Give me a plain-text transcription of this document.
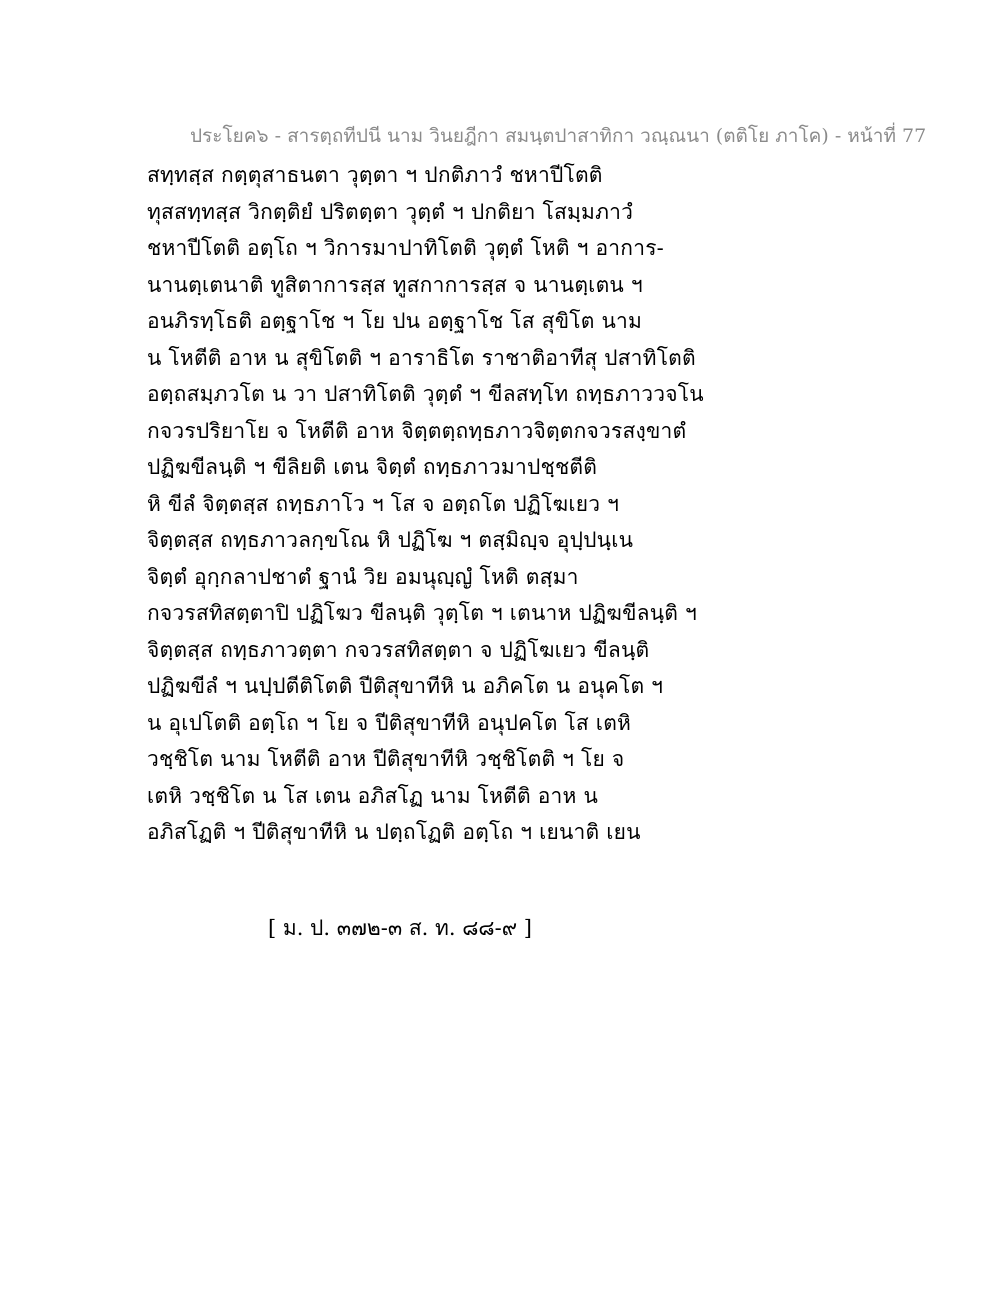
ประโยค๖ - สารตฺถทีปนี นาม วินยฎีกา สมนฺตปาสาทิกา วณฺณนา (ตติโย ภาโค) - หน้าที่ 77
สทฺทสฺส กตฺตุสาธนตา วุตฺตา ฯ ปกติภาวํ ชหาปีโตติ
ทุสสทฺทสฺส วิกตฺติยํ ปริตตฺตา วุตฺตํ ฯ ปกติยา โสมฺมภาวํ
ชหาปีโตติ อตฺโถ ฯ วิการมาปาทิโตติ วุตฺตํ โหติ ฯ อาการ-
นานตฺเตนาติ ทูสิตาการสฺส ทูสกาการสฺส จ นานตฺเตน ฯ
อนภิรทฺโธติ อตฺฐาโช ฯ โย ปน อตฺฐาโช โส สุขิโต นาม
น โหตีติ อาห น สุขิโตติ ฯ อาราธิโต ราชาติอาทีสุ ปสาทิโตติ
อตฺถสมฺภวโต น วา ปสาทิโตติ วุตฺตํ ฯ ขีลสทฺโท ถทฺธภาววจโน
กจวรปริยาโย จ โหตีติ อาห จิตฺตตฺถทฺธภาวจิตฺตกจวรสงฺขาตํ
ปฏิฆขีลนฺติ ฯ ขีลิยติ เตน จิตฺตํ ถทฺธภาวมาปชฺชตีติ
หิ ขีลํ จิตฺตสฺส ถทฺธภาโว ฯ โส จ อตฺถโต ปฏิโฆเยว ฯ
จิตฺตสฺส ถทฺธภาวลกฺขโณ หิ ปฏิโฆ ฯ ตสฺมิญฺจ อุปฺปนฺเน
จิตฺตํ อุกฺกลาปชาตํ ฐานํ วิย อมนุญฺญํ โหติ ตสฺมา
กจวรสทิสตฺตาปิ ปฏิโฆว ขีลนฺติ วุตฺโต ฯ เตนาห ปฏิฆขีลนฺติ ฯ
จิตฺตสฺส ถทฺธภาวตฺตา กจวรสทิสตฺตา จ ปฏิโฆเยว ขีลนฺติ
ปฏิฆขีลํ ฯ นปฺปตีติโตติ ปีติสุขาทีหิ น อภิคโต น อนุคโต ฯ
น อุเปโตติ อตฺโถ ฯ โย จ ปีติสุขาทีหิ อนุปคโต โส เตหิ
วชฺชิโต นาม โหตีติ อาห ปีติสุขาทีหิ วชฺชิโตติ ฯ โย จ
เตหิ วชฺชิโต น โส เตน อภิสโฏ นาม โหตีติ อาห น
อภิสโฏติ ฯ ปีติสุขาทีหิ น ปตฺถโฏติ อตฺโถ ฯ เยนาติ เยน
[ ม. ป. ๓๗๒-๓ ส. ท. ๘๘-๙ ]
